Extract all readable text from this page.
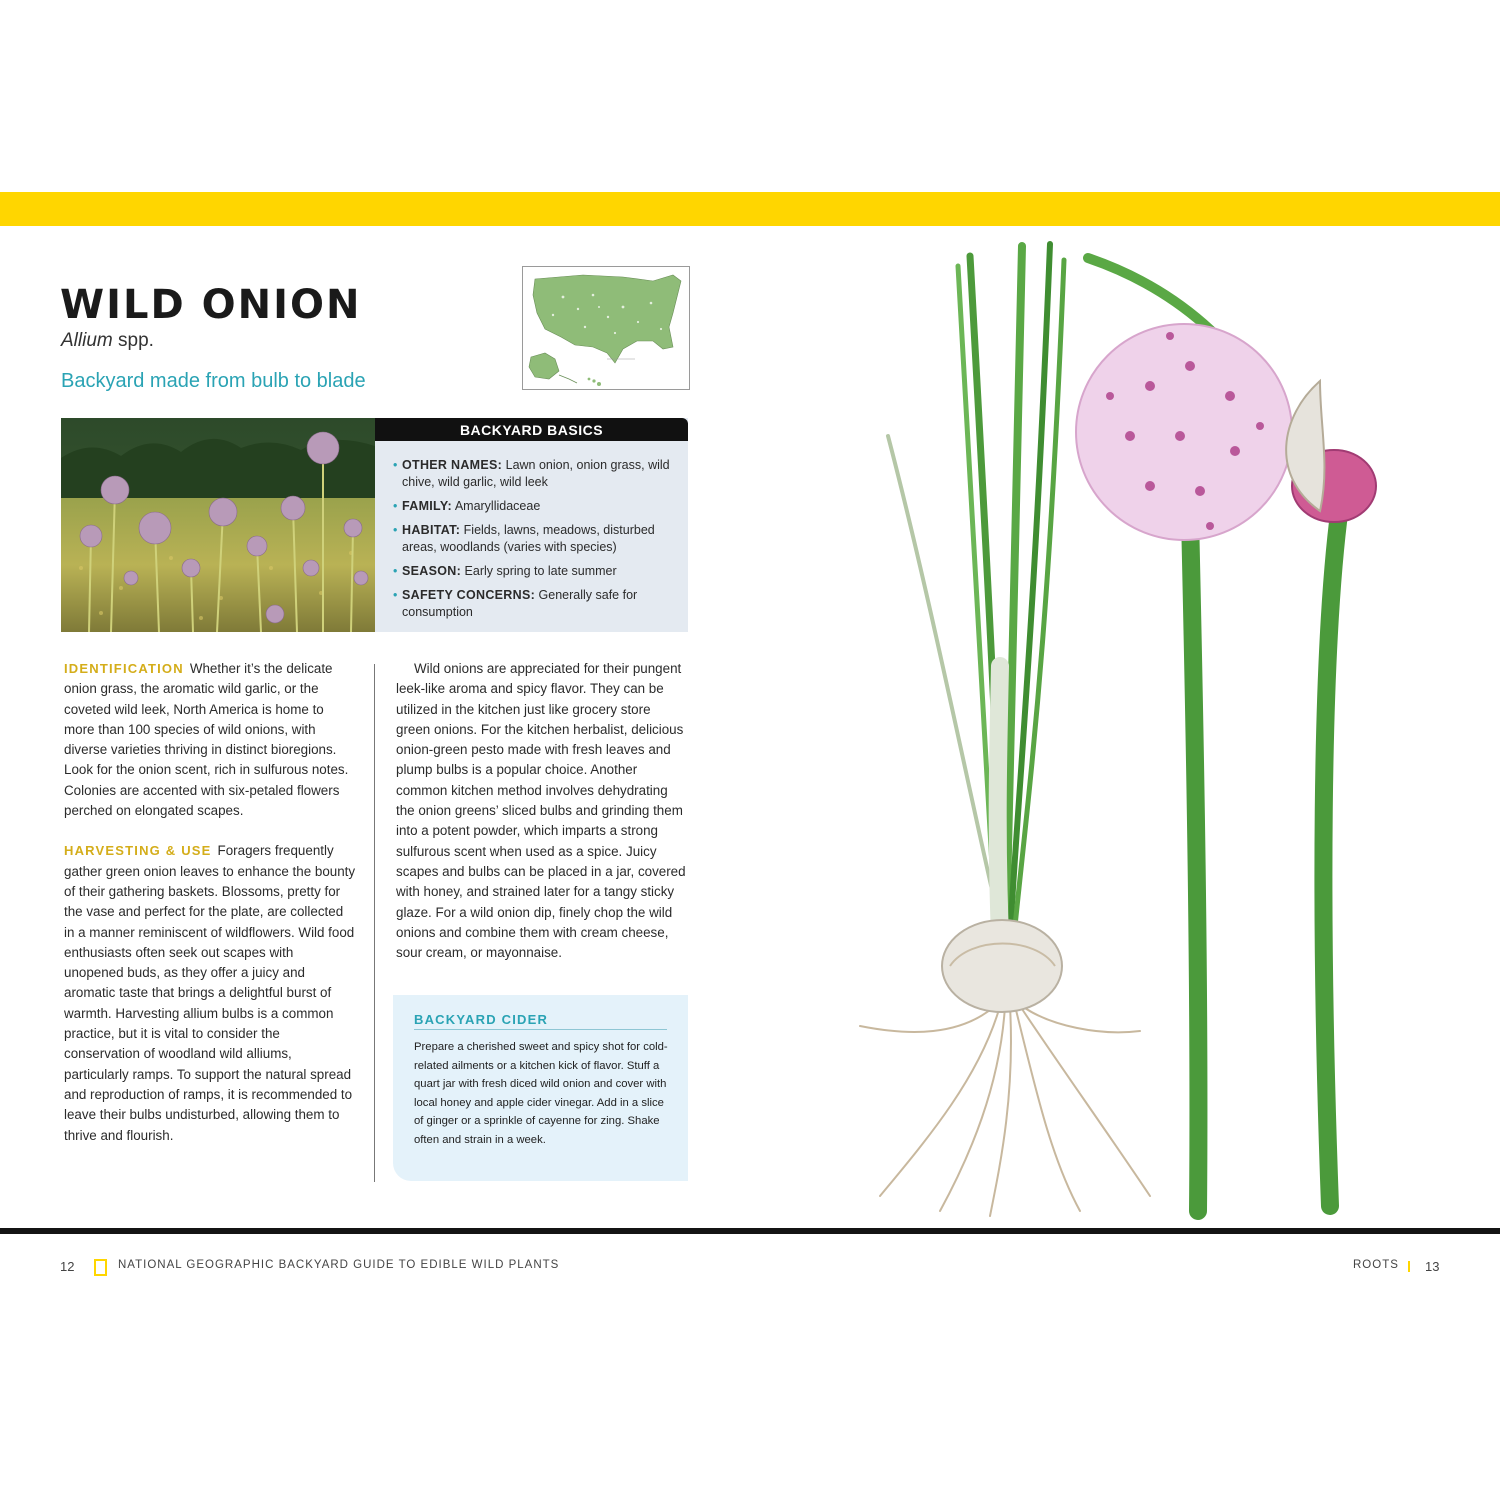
WILD ONION
Allium spp.
Backyard made from bulb to blade
BACKYARD BASICS
• OTHER NAMES: Lawn onion, onion grass, wild chive, wild garlic, wild leek
• FAMILY: Amaryllidaceae
• HABITAT: Fields, lawns, meadows, disturbed areas, woodlands (varies with species)
• SEASON: Early spring to late summer
• SAFETY CONCERNS: Generally safe for consumption

IDENTIFICATION Whether it’s the delicate onion grass, the aromatic wild garlic, or the coveted wild leek, North America is home to more than 100 species of wild onions, with diverse varieties thriving in distinct bioregions. Look for the onion scent, rich in sulfurous notes. Colonies are accented with six-petaled flowers perched on elongated scapes.

HARVESTING & USE Foragers frequently gather green onion leaves to enhance the bounty of their gathering baskets. Blossoms, pretty for the vase and perfect for the plate, are collected in a manner reminiscent of wildflowers. Wild food enthusiasts often seek out scapes with unopened buds, as they offer a juicy and aromatic taste that brings a delightful burst of warmth. Harvesting allium bulbs is a common practice, but it is vital to consider the conservation of woodland wild alliums, particularly ramps. To support the natural spread and reproduction of ramps, it is recommended to leave their bulbs undisturbed, allowing them to thrive and flourish.

Wild onions are appreciated for their pungent leek-like aroma and spicy flavor. They can be utilized in the kitchen just like grocery store green onions. For the kitchen herbalist, delicious onion-green pesto made with fresh leaves and plump bulbs is a popular choice. Another common kitchen method involves dehydrating the onion greens’ sliced bulbs and grinding them into a potent powder, which imparts a strong sulfurous scent when used as a spice. Juicy scapes and bulbs can be placed in a jar, covered with honey, and strained later for a tangy sticky glaze. For a wild onion dip, finely chop the wild onions and combine them with cream cheese, sour cream, or mayonnaise.

BACKYARD CIDER
Prepare a cherished sweet and spicy shot for cold-related ailments or a kitchen kick of flavor. Stuff a quart jar with fresh diced wild onion and cover with local honey and apple cider vinegar. Add in a slice of ginger or a sprinkle of cayenne for zing. Shake often and strain in a week.
12	NATIONAL GEOGRAPHIC BACKYARD GUIDE TO EDIBLE WILD PLANTS	ROOTS 13
